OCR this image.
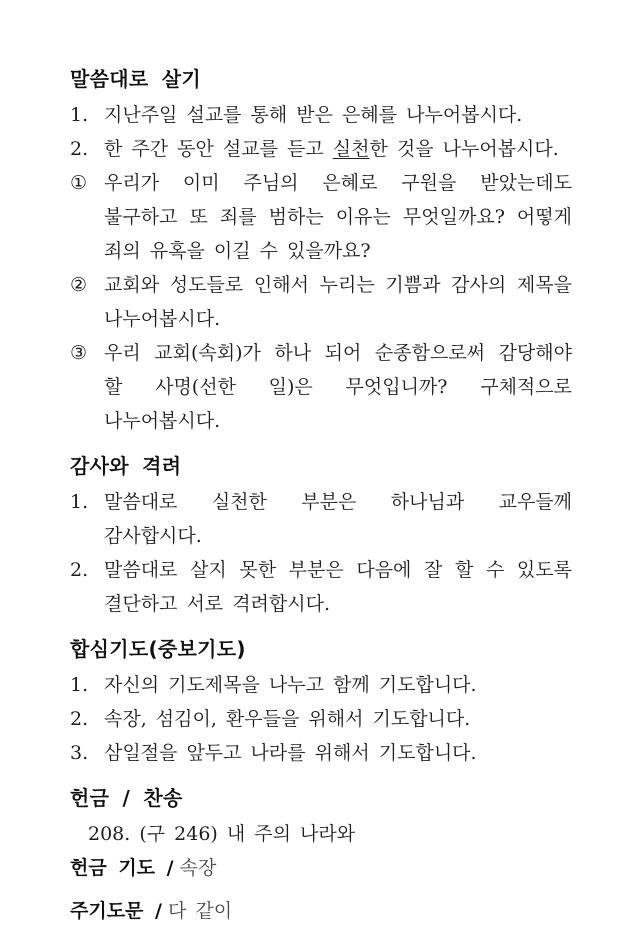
말씀대로 살기
1. 지난주일 설교를 통해 받은 은혜를 나누어봅시다.
2. 한 주간 동안 설교를 듣고 실천한 것을 나누어봅시다.
① 우리가 이미 주님의 은혜로 구원을 받았는데도 불구하고 또 죄를 범하는 이유는 무엇일까요? 어떻게 죄의 유혹을 이길 수 있을까요?
② 교회와 성도들로 인해서 누리는 기쁨과 감사의 제목을 나누어봅시다.
③ 우리 교회(속회)가 하나 되어 순종함으로써 감당해야 할 사명(선한 일)은 무엇입니까? 구체적으로 나누어봅시다.
감사와 격려
1. 말씀대로 실천한 부분은 하나님과 교우들께 감사합시다.
2. 말씀대로 살지 못한 부분은 다음에 잘 할 수 있도록 결단하고 서로 격려합시다.
합심기도(중보기도)
1. 자신의 기도제목을 나누고 함께 기도합니다.
2. 속장, 섬김이, 환우들을 위해서 기도합니다.
3. 삼일절을 앞두고 나라를 위해서 기도합니다.
헌금 / 찬송
208. (구 246) 내 주의 나라와
헌금 기도 / 속장
주기도문 / 다 같이
